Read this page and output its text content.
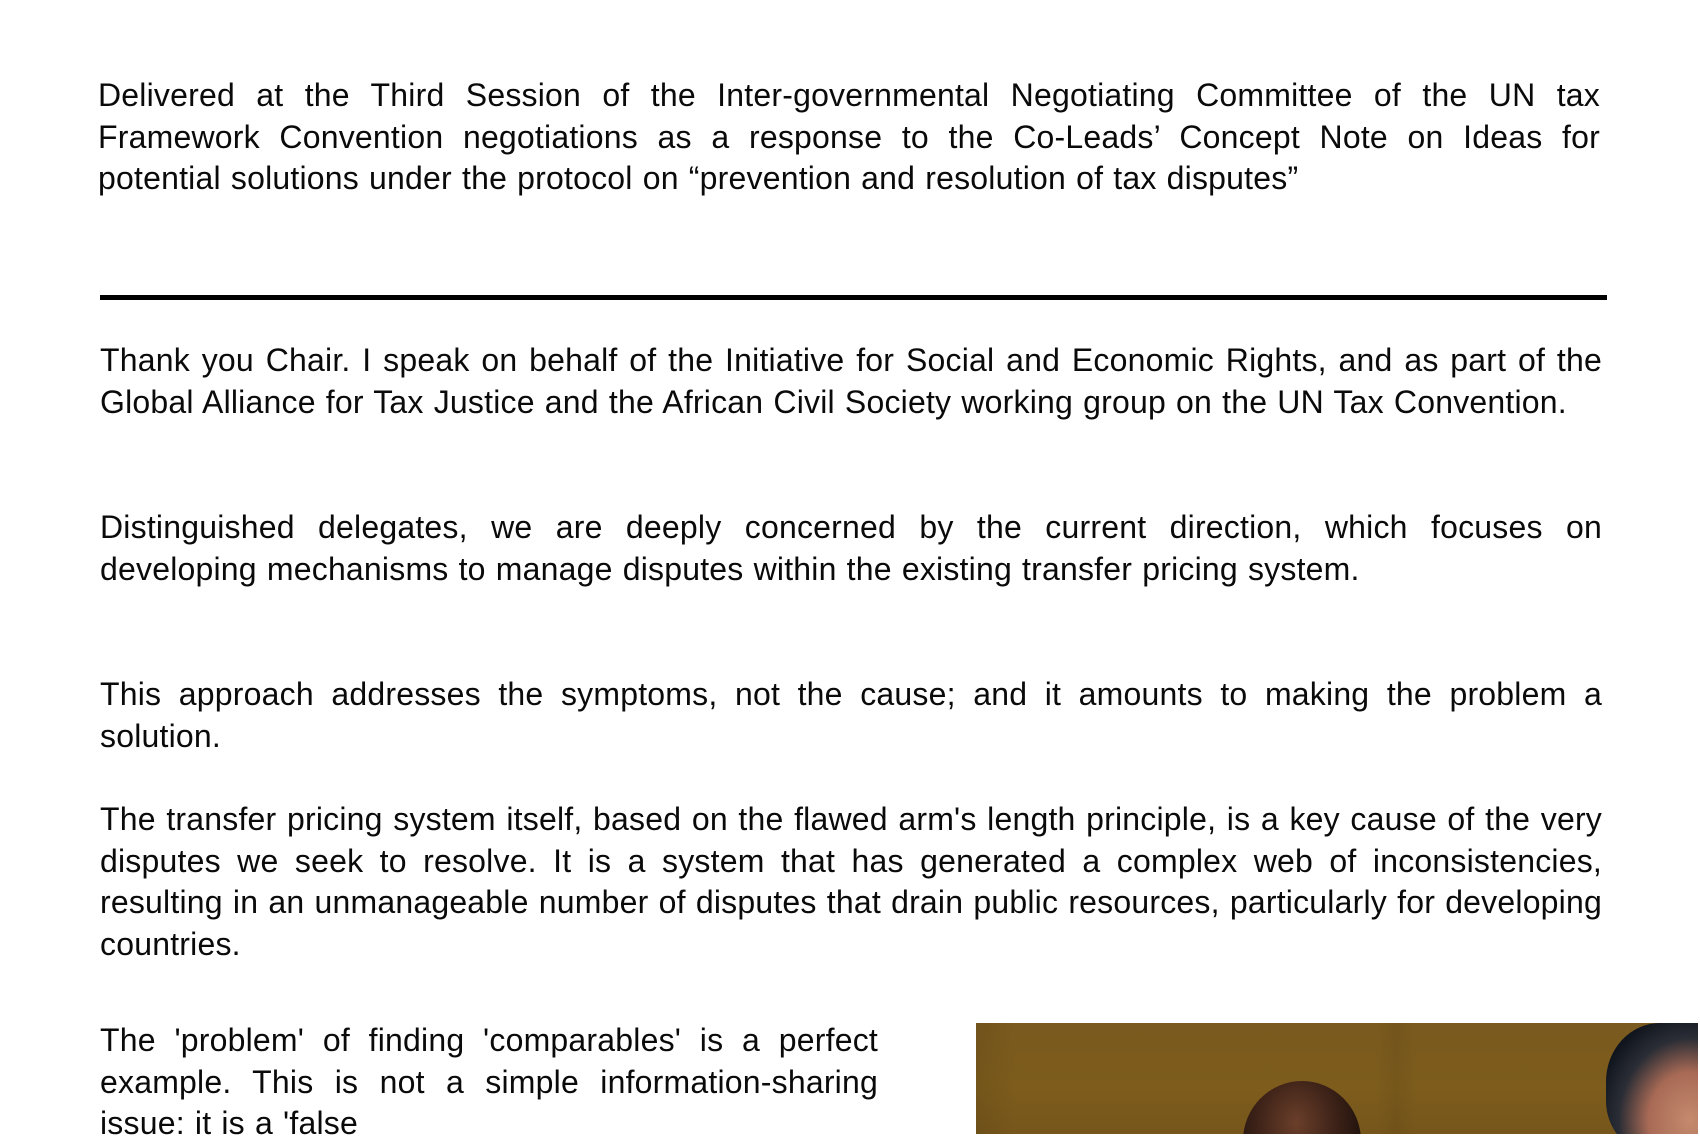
Delivered at the Third Session of the Inter-governmental Negotiating Committee of the UN tax Framework Convention negotiations as a response to the Co-Leads’ Concept Note on Ideas for potential solutions under the protocol on “prevention and resolution of tax disputes”

Thank you Chair. I speak on behalf of the Initiative for Social and Economic Rights, and as part of the Global Alliance for Tax Justice and the African Civil Society working group on the UN Tax Convention.

Distinguished delegates, we are deeply concerned by the current direction, which focuses on developing mechanisms to manage disputes within the existing transfer pricing system.

This approach addresses the symptoms, not the cause; and it amounts to making the problem a solution.

The transfer pricing system itself, based on the flawed arm's length principle, is a key cause of the very disputes we seek to resolve. It is a system that has generated a complex web of inconsistencies, resulting in an unmanageable number of disputes that drain public resources, particularly for developing countries.

The 'problem' of finding 'comparables' is a perfect example. This is not a simple information-sharing issue: it is a 'false
